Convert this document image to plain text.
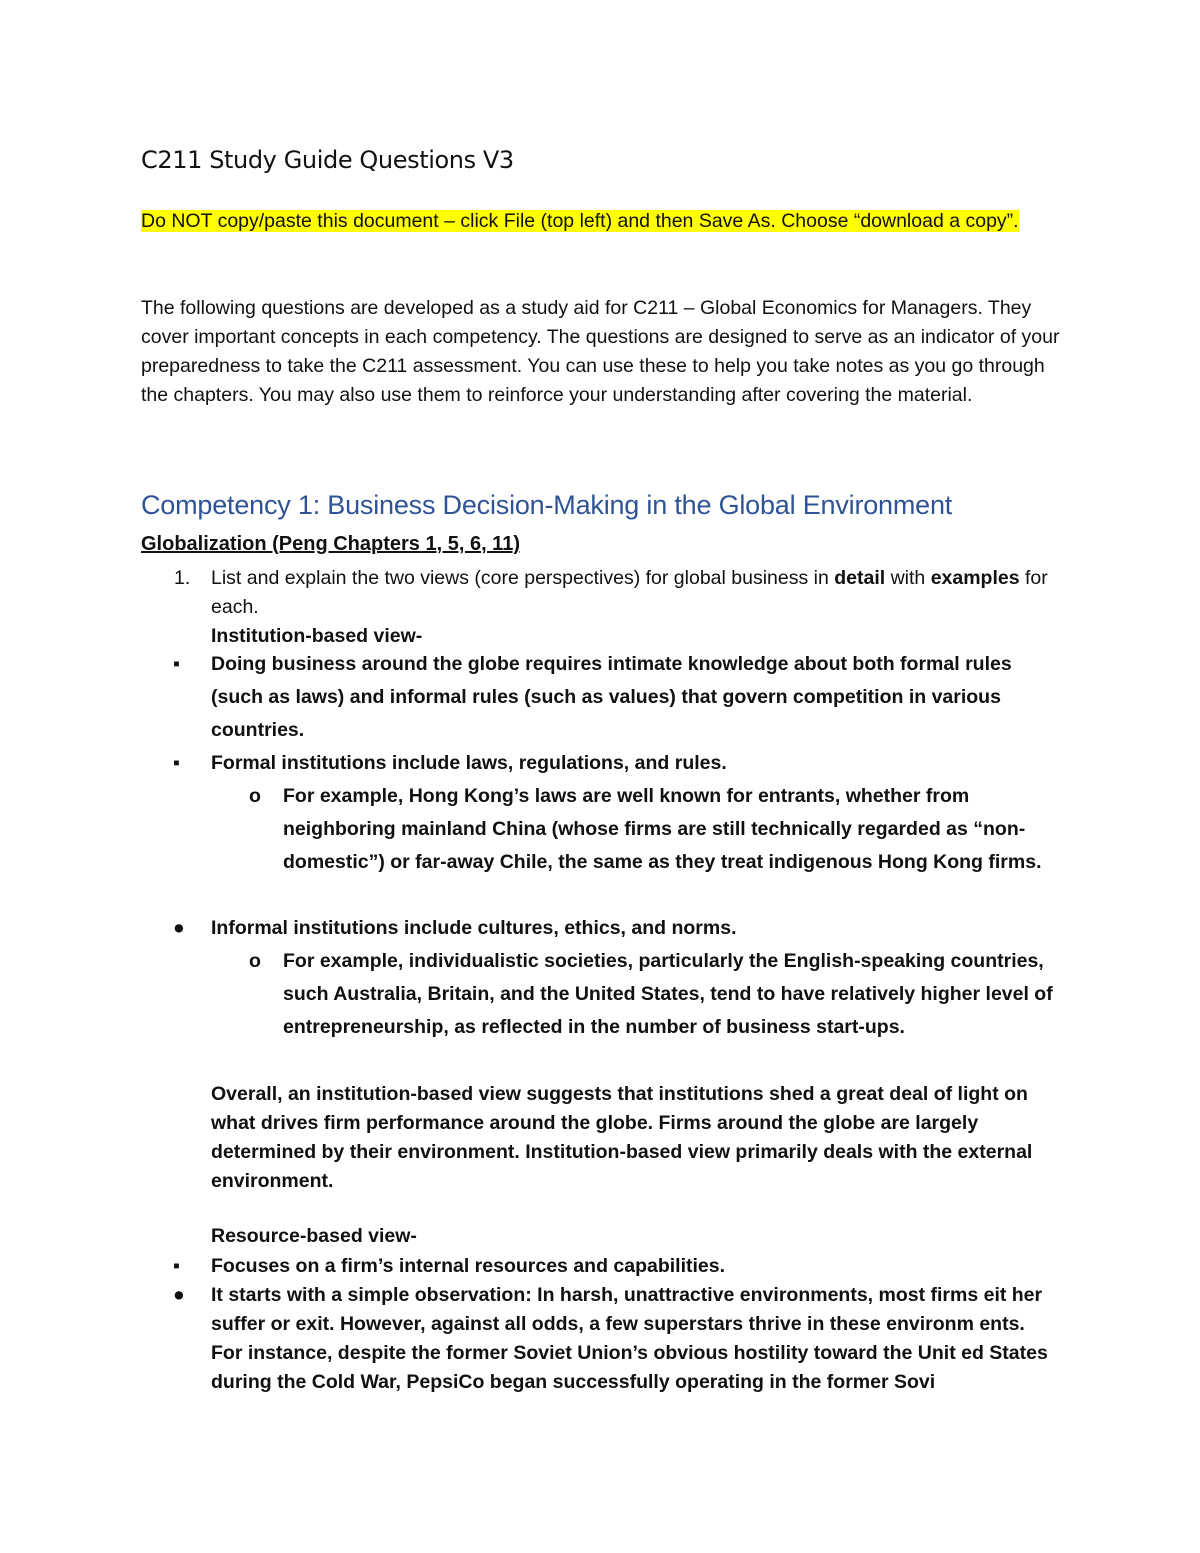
C211 Study Guide Questions V3

Do NOT copy/paste this document – click File (top left) and then Save As. Choose “download a copy”.

The following questions are developed as a study aid for C211 – Global Economics for Managers. They cover important concepts in each competency. The questions are designed to serve as an indicator of your preparedness to take the C211 assessment. You can use these to help you take notes as you go through the chapters. You may also use them to reinforce your understanding after covering the material.

Competency 1: Business Decision-Making in the Global Environment
Globalization (Peng Chapters 1, 5, 6, 11)
1. List and explain the two views (core perspectives) for global business in detail with examples for each.
Institution-based view-
▪ Doing business around the globe requires intimate knowledge about both formal rules (such as laws) and informal rules (such as values) that govern competition in various countries.
▪ Formal institutions include laws, regulations, and rules.
o For example, Hong Kong’s laws are well known for entrants, whether from neighboring mainland China (whose firms are still technically regarded as “non-domestic”) or far-away Chile, the same as they treat indigenous Hong Kong firms.
● Informal institutions include cultures, ethics, and norms.
o For example, individualistic societies, particularly the English-speaking countries, such Australia, Britain, and the United States, tend to have relatively higher level of entrepreneurship, as reflected in the number of business start-ups.
Overall, an institution-based view suggests that institutions shed a great deal of light on what drives firm performance around the globe. Firms around the globe are largely determined by their environment. Institution-based view primarily deals with the external environment.
Resource-based view-
▪ Focuses on a firm’s internal resources and capabilities.
● It starts with a simple observation: In harsh, unattractive environments, most firms eit her suffer or exit. However, against all odds, a few superstars thrive in these environm ents. For instance, despite the former Soviet Union’s obvious hostility toward the Unit ed States during the Cold War, PepsiCo began successfully operating in the former Sovi
